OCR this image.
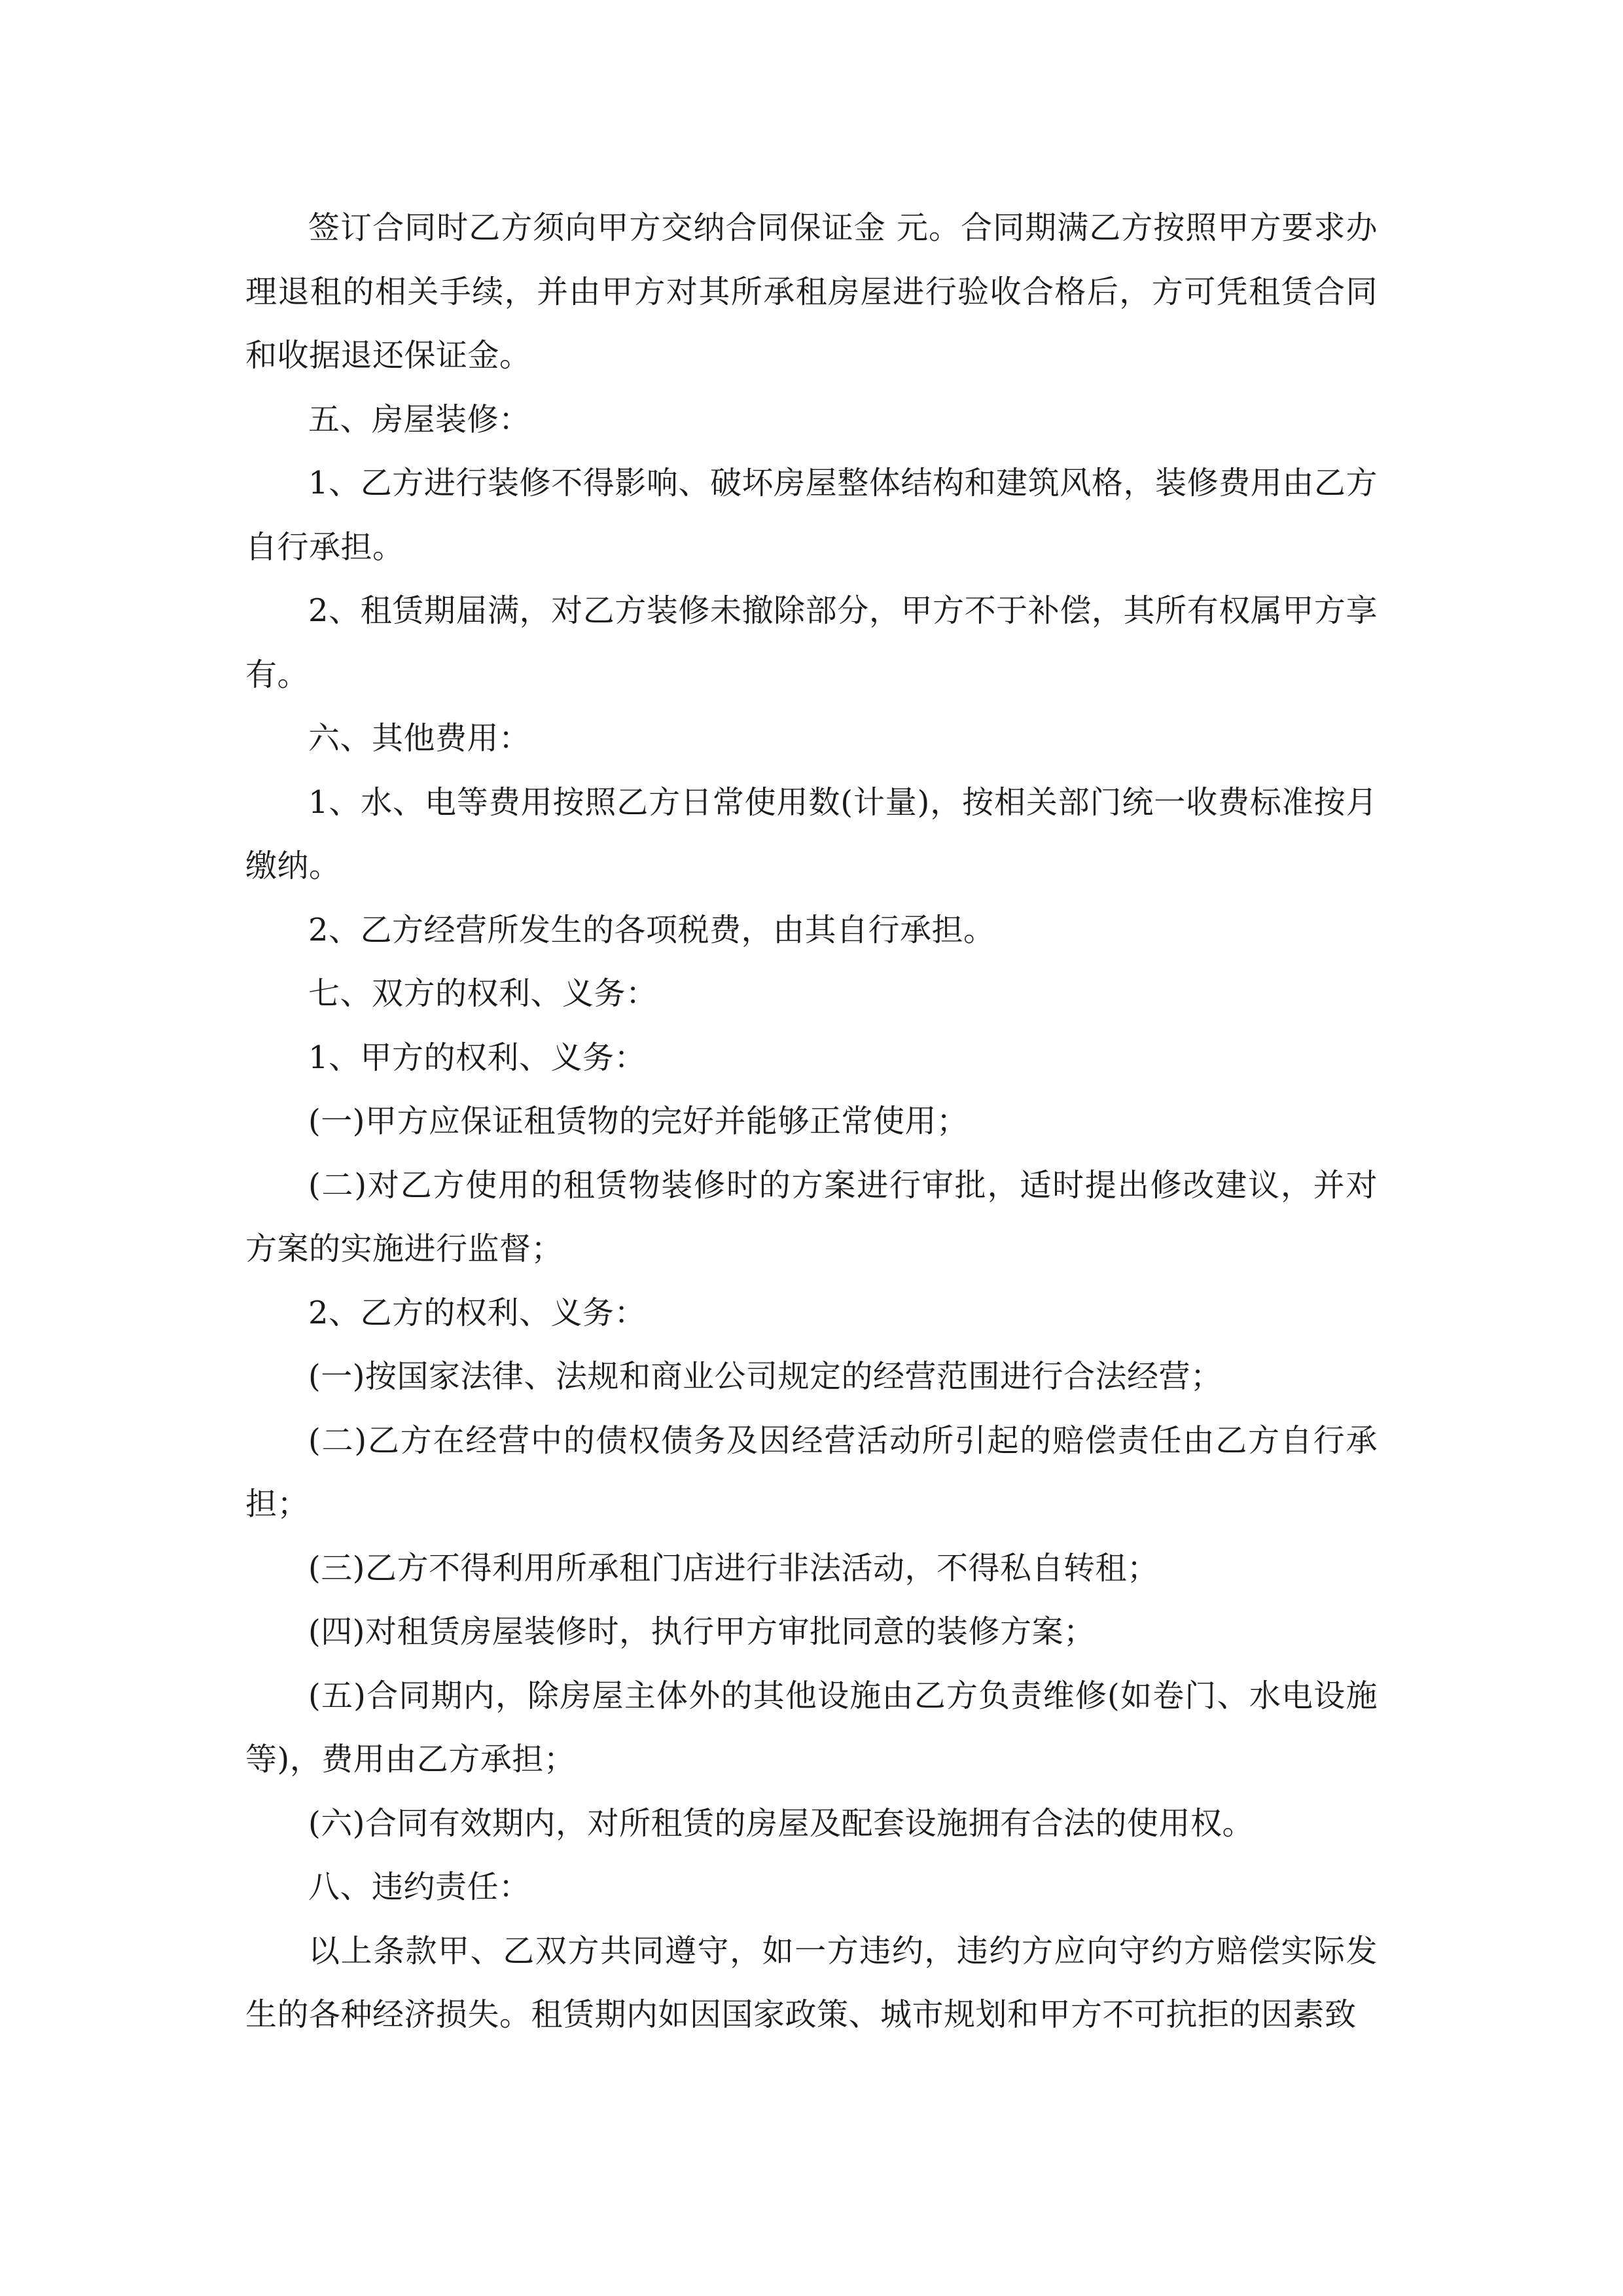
签订合同时乙方须向甲方交纳合同保证金 元。合同期满乙方按照甲方要求办理退租的相关手续，并由甲方对其所承租房屋进行验收合格后，方可凭租赁合同和收据退还保证金。

五、房屋装修：

1、乙方进行装修不得影响、破坏房屋整体结构和建筑风格，装修费用由乙方自行承担。

2、租赁期届满，对乙方装修未撤除部分，甲方不于补偿，其所有权属甲方享有。

六、其他费用：

1、水、电等费用按照乙方日常使用数(计量)，按相关部门统一收费标准按月缴纳。

2、乙方经营所发生的各项税费，由其自行承担。

七、双方的权利、义务：

1、甲方的权利、义务：

(一)甲方应保证租赁物的完好并能够正常使用；

(二)对乙方使用的租赁物装修时的方案进行审批，适时提出修改建议，并对方案的实施进行监督；

2、乙方的权利、义务：

(一)按国家法律、法规和商业公司规定的经营范围进行合法经营；

(二)乙方在经营中的债权债务及因经营活动所引起的赔偿责任由乙方自行承担；

(三)乙方不得利用所承租门店进行非法活动，不得私自转租；

(四)对租赁房屋装修时，执行甲方审批同意的装修方案；

(五)合同期内，除房屋主体外的其他设施由乙方负责维修(如卷门、水电设施等)，费用由乙方承担；

(六)合同有效期内，对所租赁的房屋及配套设施拥有合法的使用权。

八、违约责任：

以上条款甲、乙双方共同遵守，如一方违约，违约方应向守约方赔偿实际发生的各种经济损失。租赁期内如因国家政策、城市规划和甲方不可抗拒的因素致
